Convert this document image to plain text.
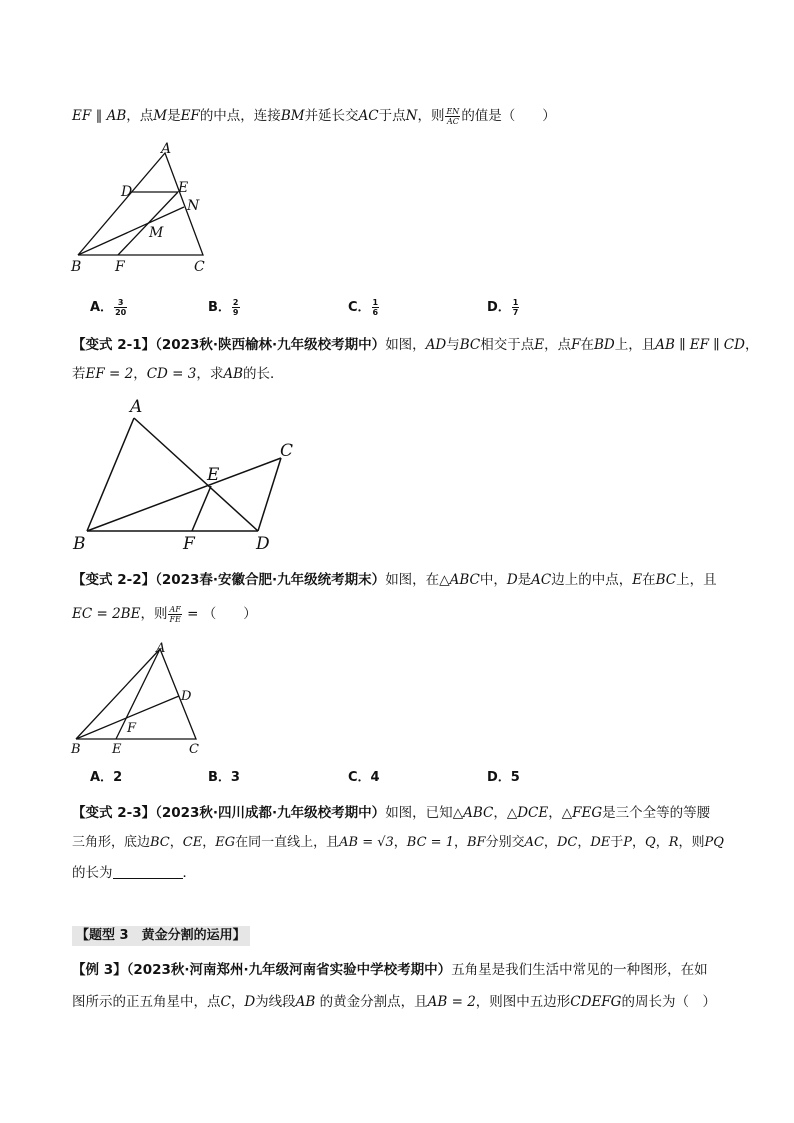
EF ∥ AB，点M是EF的中点，连接BM并延长交AC于点N，则 $\frac{EN}{AC}$ 的值是（　　）
A
D	E
N
M
B F	C
A． $\frac{3}{20}$	B． $\frac{2}{9}$	C． $\frac{1}{6}$	D． $\frac{1}{7}$
【变式 2-1】（2023秋·陕西榆林·九年级校考期中）如图，AD与BC相交于点E，点F在BD上，且AB ∥ EF ∥ CD，
若EF = 2，CD = 3，求AB的长．
A
C
E
B	F	D
【变式 2-2】（2023春·安徽合肥·九年级统考期末）如图，在△ABC中，D是AC边上的中点，E在BC上，且
EC = 2BE，则 $\frac{AF}{FE}$ = （　　）
A
D
F
B E	C
A．2	B．3	C．4	D．5
【变式 2-3】（2023秋·四川成都·九年级校考期中）如图，已知△ABC，△DCE，△FEG是三个全等的等腰
三角形，底边BC，CE，EG在同一直线上，且AB = √3，BC = 1，BF分别交AC，DC，DE于P，Q，R，则PQ
的长为	．
【题型 3　黄金分割的运用】
【例 3】（2023秋·河南郑州·九年级河南省实验中学校考期中）五角星是我们生活中常见的一种图形，在如
图所示的正五角星中，点C，D为线段AB 的黄金分割点，且AB = 2，则图中五边形CDEFG的周长为（　）
